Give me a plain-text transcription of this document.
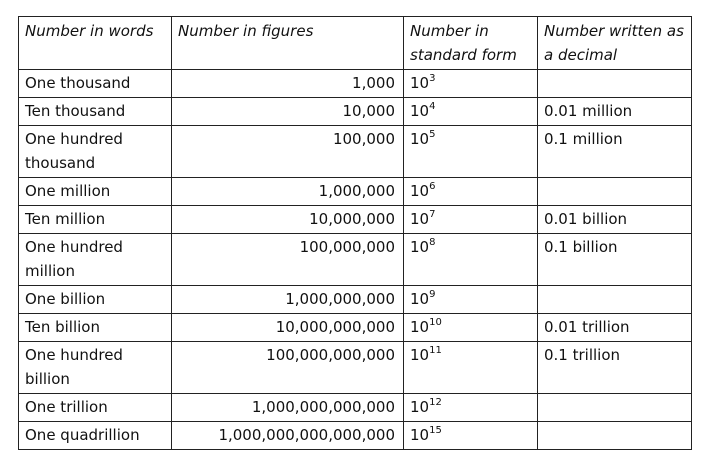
Number in words	Number in figures	Number in standard form	Number written as a decimal
One thousand	1,000	$10^3$	
Ten thousand	10,000	$10^4$	0.01 million
One hundred thousand	100,000	$10^5$	0.1 million
One million	1,000,000	$10^6$	
Ten million	10,000,000	$10^7$	0.01 billion
One hundred million	100,000,000	$10^8$	0.1 billion
One billion	1,000,000,000	$10^9$	
Ten billion	10,000,000,000	$10^{10}$	0.01 trillion
One hundred billion	100,000,000,000	$10^{11}$	0.1 trillion
One trillion	1,000,000,000,000	$10^{12}$	
One quadrillion	1,000,000,000,000,000	$10^{15}$	
